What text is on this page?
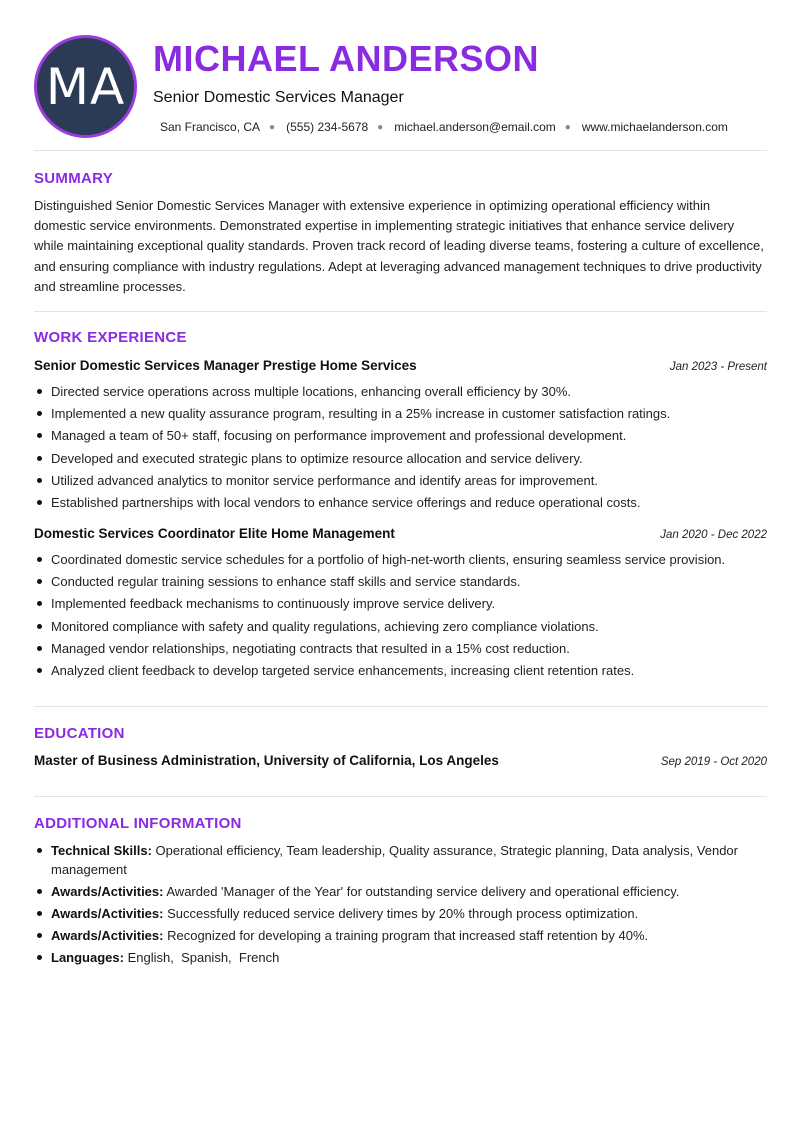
MA MICHAEL ANDERSON
Senior Domestic Services Manager
San Francisco, CA ● (555) 234-5678 ● michael.anderson@email.com ● www.michaelanderson.com
SUMMARY

Distinguished Senior Domestic Services Manager with extensive experience in optimizing operational efficiency within domestic service environments. Demonstrated expertise in implementing strategic initiatives that enhance service delivery while maintaining exceptional quality standards. Proven track record of leading diverse teams, fostering a culture of excellence, and ensuring compliance with industry regulations. Adept at leveraging advanced management techniques to drive productivity and streamline processes.

WORK EXPERIENCE
Senior Domestic Services Manager Prestige Home Services	Jan 2023 - Present
Directed service operations across multiple locations, enhancing overall efficiency by 30%.
Implemented a new quality assurance program, resulting in a 25% increase in customer satisfaction ratings.
Managed a team of 50+ staff, focusing on performance improvement and professional development.
Developed and executed strategic plans to optimize resource allocation and service delivery.
Utilized advanced analytics to monitor service performance and identify areas for improvement.
Established partnerships with local vendors to enhance service offerings and reduce operational costs.
Domestic Services Coordinator Elite Home Management	Jan 2020 - Dec 2022
Coordinated domestic service schedules for a portfolio of high-net-worth clients, ensuring seamless service provision.
Conducted regular training sessions to enhance staff skills and service standards.
Implemented feedback mechanisms to continuously improve service delivery.
Monitored compliance with safety and quality regulations, achieving zero compliance violations.
Managed vendor relationships, negotiating contracts that resulted in a 15% cost reduction.
Analyzed client feedback to develop targeted service enhancements, increasing client retention rates.
EDUCATION
Master of Business Administration, University of California, Los Angeles	Sep 2019 - Oct 2020
ADDITIONAL INFORMATION
Technical Skills: Operational efficiency, Team leadership, Quality assurance, Strategic planning, Data analysis, Vendor management
Awards/Activities: Awarded 'Manager of the Year' for outstanding service delivery and operational efficiency.
Awards/Activities: Successfully reduced service delivery times by 20% through process optimization.
Awards/Activities: Recognized for developing a training program that increased staff retention by 40%.
Languages: English,  Spanish,  French
